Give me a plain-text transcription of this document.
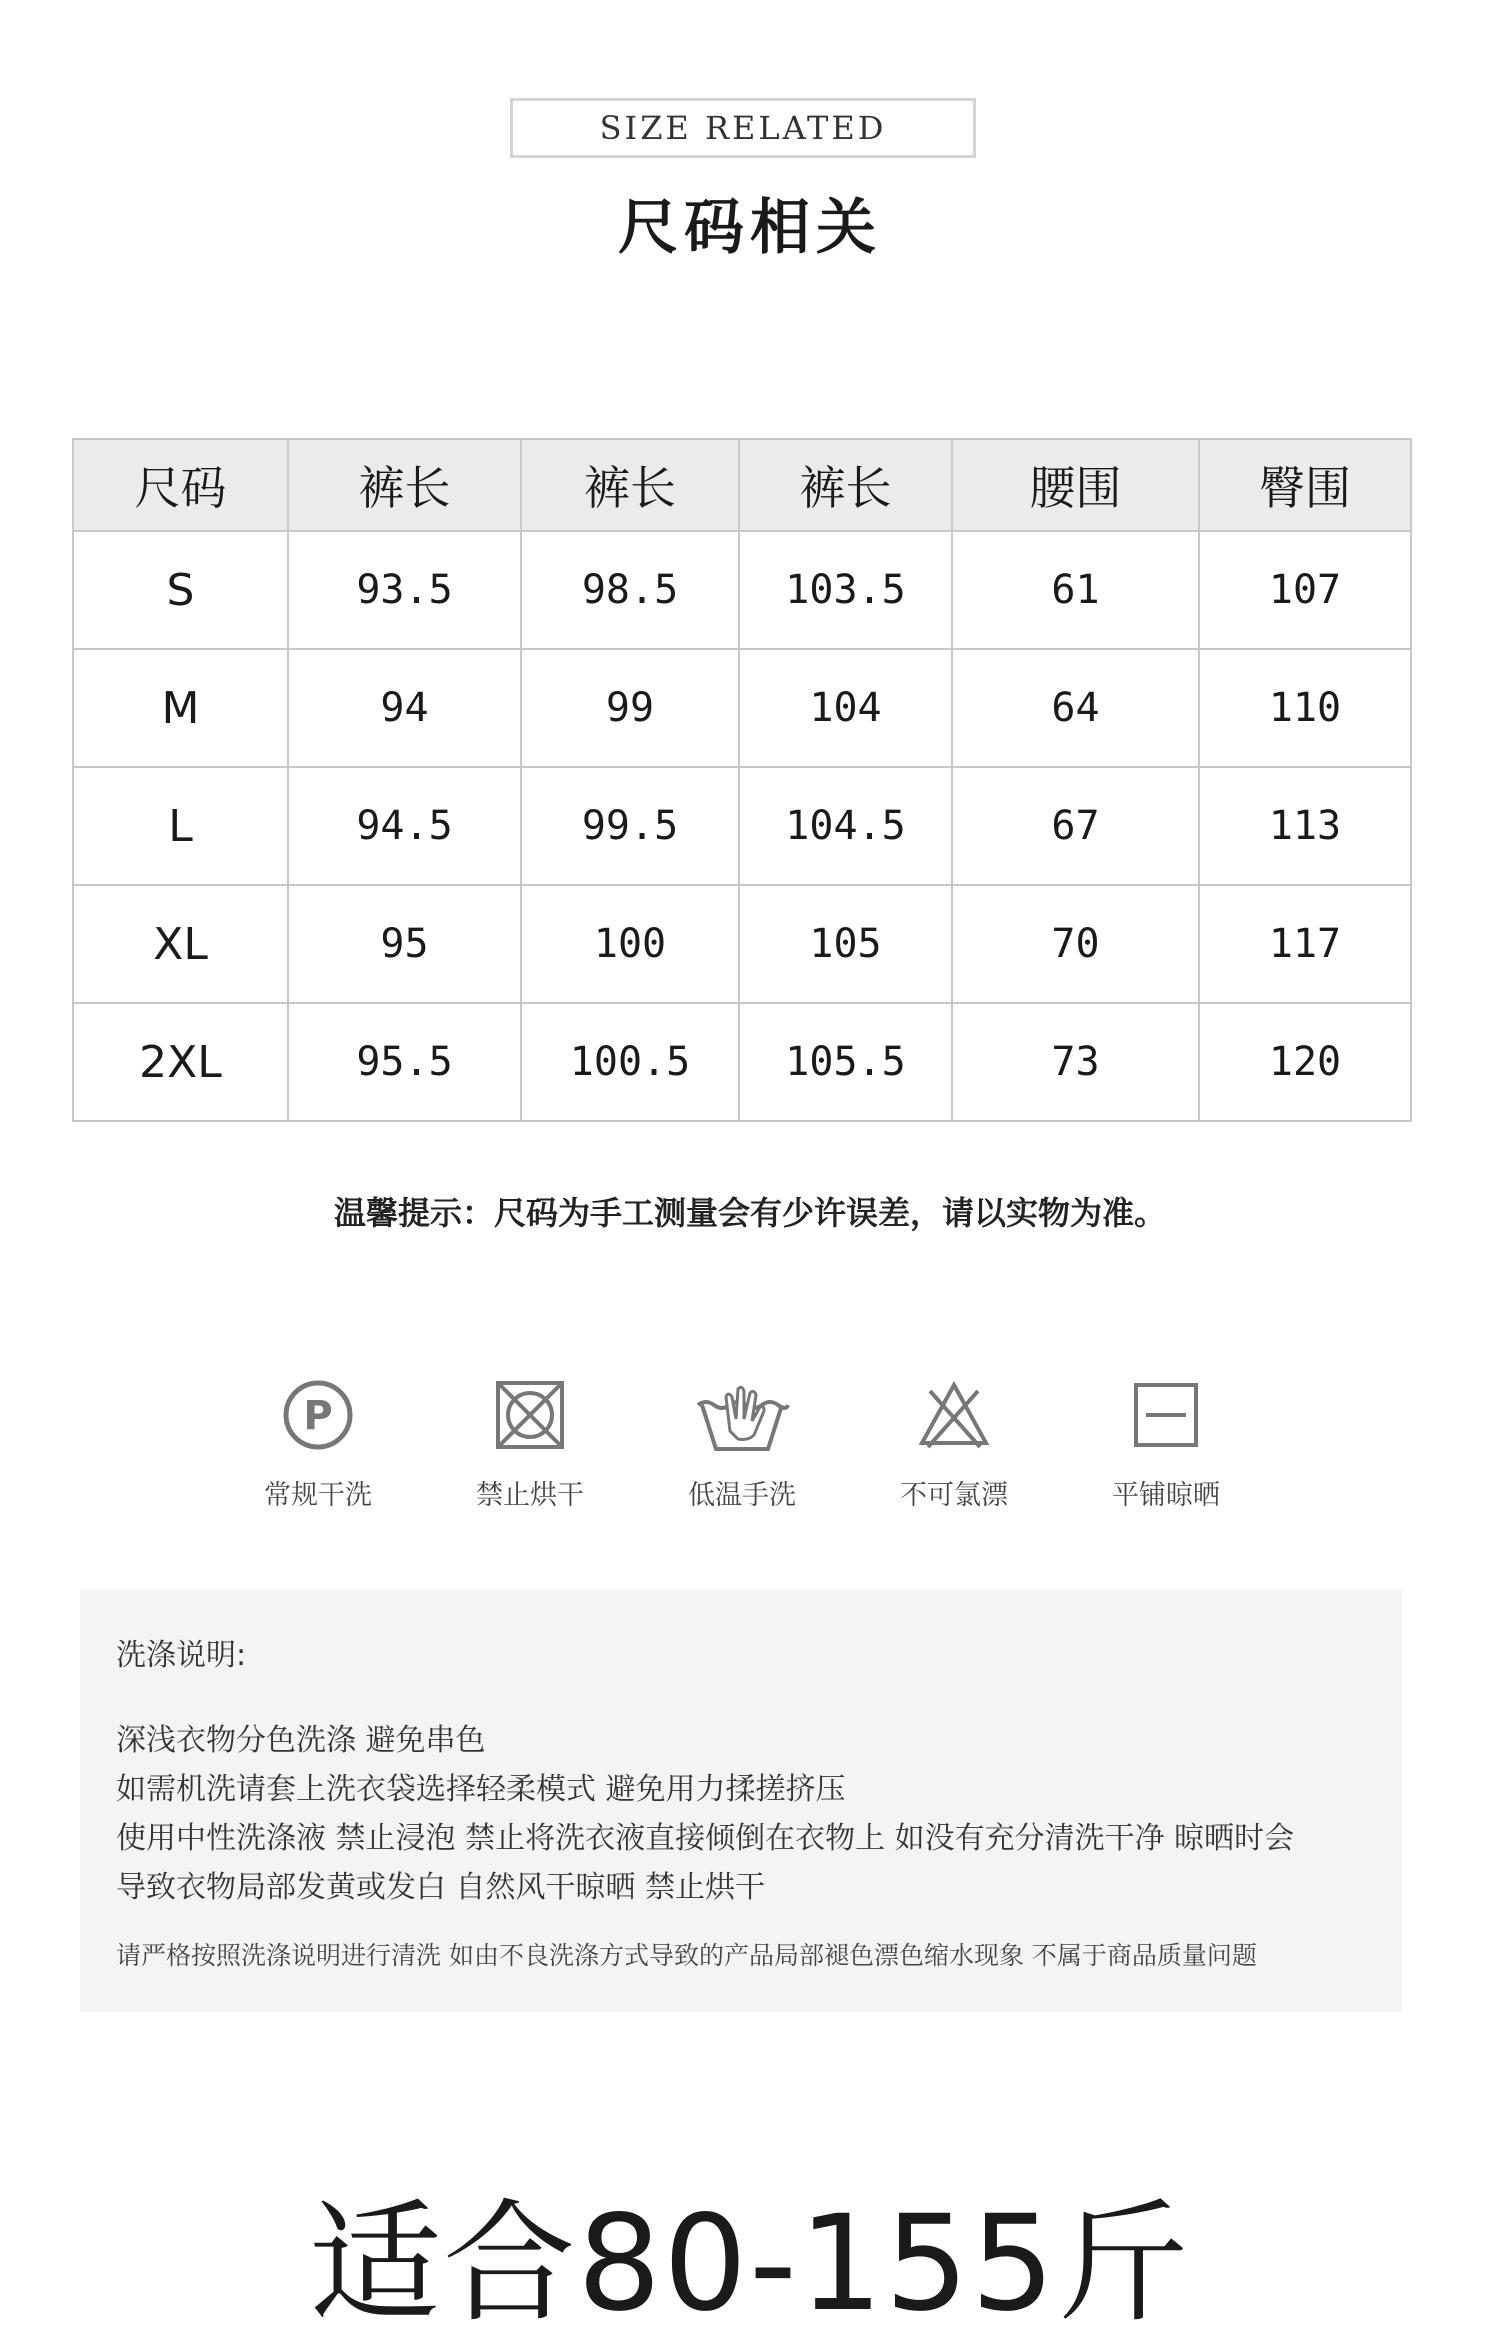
SIZE RELATED
尺码相关
尺码	裤长	裤长	裤长	腰围	臀围
S	93.5	98.5	103.5	61	107
M	94	99	104	64	110
L	94.5	99.5	104.5	67	113
XL	95	100	105	70	117
2XL	95.5	100.5	105.5	73	120
温馨提示：尺码为手工测量会有少许误差，请以实物为准。
P
常规干洗	禁止烘干	低温手洗	不可氯漂	平铺晾晒
洗涤说明:
深浅衣物分色洗涤 避免串色
如需机洗请套上洗衣袋选择轻柔模式 避免用力揉搓挤压
使用中性洗涤液 禁止浸泡 禁止将洗衣液直接倾倒在衣物上 如没有充分清洗干净 晾晒时会
导致衣物局部发黄或发白 自然风干晾晒 禁止烘干
请严格按照洗涤说明进行清洗 如由不良洗涤方式导致的产品局部褪色漂色缩水现象 不属于商品质量问题
适合80-155斤
